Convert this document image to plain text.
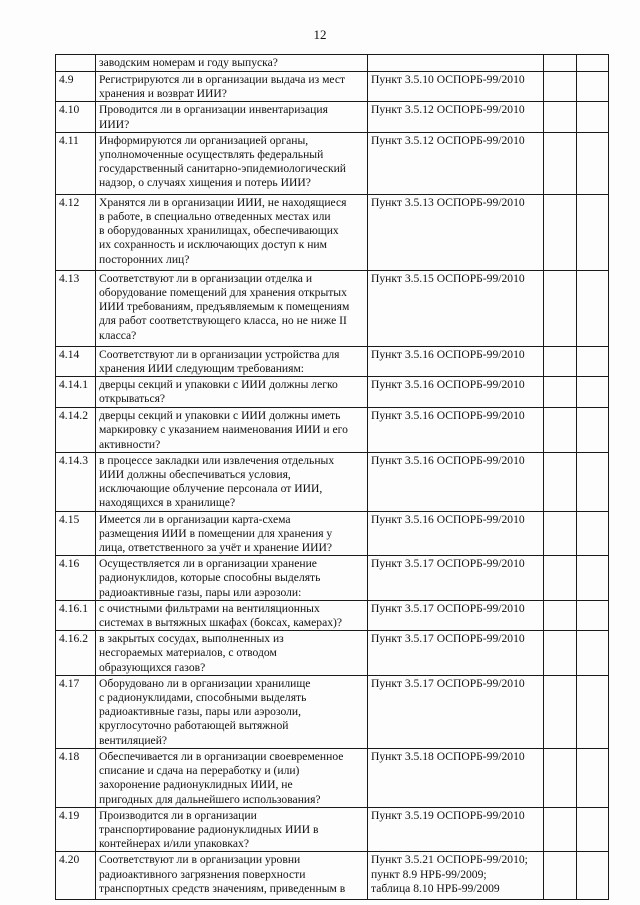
12
	заводским номерам и году выпуска?			
4.9	Регистрируются ли в организации выдача из мест
хранения и возврат ИИИ?	Пункт 3.5.10 ОСПОРБ-99/2010		
4.10	Проводится ли в организации инвентаризация
ИИИ?	Пункт 3.5.12 ОСПОРБ-99/2010		
4.11	Информируются ли организацией органы,
уполномоченные осуществлять федеральный
государственный санитарно-эпидемиологический
надзор, о случаях хищения и потерь ИИИ?	Пункт 3.5.12 ОСПОРБ-99/2010		
4.12	Хранятся ли в организации ИИИ, не находящиеся
в работе, в специально отведенных местах или
в оборудованных хранилищах, обеспечивающих
их сохранность и исключающих доступ к ним
посторонних лиц?	Пункт 3.5.13 ОСПОРБ-99/2010		
4.13	Соответствуют ли в организации отделка и
оборудование помещений для хранения открытых
ИИИ требованиям, предъявляемым к помещениям
для работ соответствующего класса, но не ниже II
класса?	Пункт 3.5.15 ОСПОРБ-99/2010		
4.14	Соответствуют ли в организации устройства для
хранения ИИИ следующим требованиям:	Пункт 3.5.16 ОСПОРБ-99/2010		
4.14.1	дверцы секций и упаковки с ИИИ должны легко
открываться?	Пункт 3.5.16 ОСПОРБ-99/2010		
4.14.2	дверцы секций и упаковки с ИИИ должны иметь
маркировку с указанием наименования ИИИ и его
активности?	Пункт 3.5.16 ОСПОРБ-99/2010		
4.14.3	в процессе закладки или извлечения отдельных
ИИИ должны обеспечиваться условия,
исключающие облучение персонала от ИИИ,
находящихся в хранилище?	Пункт 3.5.16 ОСПОРБ-99/2010		
4.15	Имеется ли в организации карта-схема
размещения ИИИ в помещении для хранения у
лица, ответственного за учёт и хранение ИИИ?	Пункт 3.5.16 ОСПОРБ-99/2010		
4.16	Осуществляется ли в организации хранение
радионуклидов, которые способны выделять
радиоактивные газы, пары или аэрозоли:	Пункт 3.5.17 ОСПОРБ-99/2010		
4.16.1	с очистными фильтрами на вентиляционных
системах в вытяжных шкафах (боксах, камерах)?	Пункт 3.5.17 ОСПОРБ-99/2010		
4.16.2	в закрытых сосудах, выполненных из
несгораемых материалов, с отводом
образующихся газов?	Пункт 3.5.17 ОСПОРБ-99/2010		
4.17	Оборудовано ли в организации хранилище
с радионуклидами, способными выделять
радиоактивные газы, пары или аэрозоли,
круглосуточно работающей вытяжной
вентиляцией?	Пункт 3.5.17 ОСПОРБ-99/2010		
4.18	Обеспечивается ли в организации своевременное
списание и сдача на переработку и (или)
захоронение радионуклидных ИИИ, не
пригодных для дальнейшего использования?	Пункт 3.5.18 ОСПОРБ-99/2010		
4.19	Производится ли в организации
транспортирование радионуклидных ИИИ в
контейнерах и/или упаковках?	Пункт 3.5.19 ОСПОРБ-99/2010		
4.20	Соответствуют ли в организации уровни
радиоактивного загрязнения поверхности
транспортных средств значениям, приведенным в	Пункт 3.5.21 ОСПОРБ-99/2010;
пункт 8.9 НРБ-99/2009;
таблица 8.10 НРБ-99/2009		
